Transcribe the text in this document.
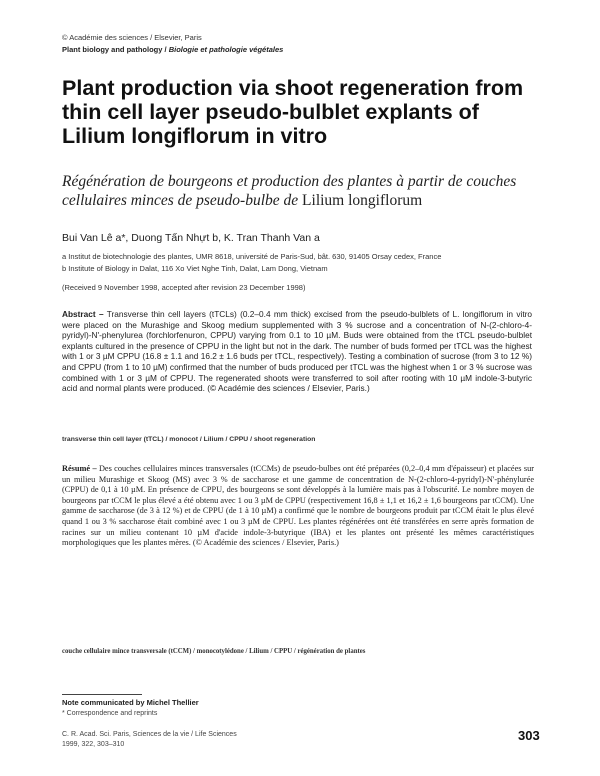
© Académie des sciences / Elsevier, Paris
Plant biology and pathology / Biologie et pathologie végétales
Plant production via shoot regeneration from thin cell layer pseudo-bulblet explants of Lilium longiflorum in vitro
Régénération de bourgeons et production des plantes à partir de couches cellulaires minces de pseudo-bulbe de Lilium longiflorum
Bui Van Lê a*, Duong Tấn Nhựt b, K. Tran Thanh Van a
a Institut de biotechnologie des plantes, UMR 8618, université de Paris-Sud, bât. 630, 91405 Orsay cedex, France
b Institute of Biology in Dalat, 116 Xo Viet Nghe Tinh, Dalat, Lam Dong, Vietnam
(Received 9 November 1998, accepted after revision 23 December 1998)
Abstract – Transverse thin cell layers (tTCLs) (0.2–0.4 mm thick) excised from the pseudo-bulblets of L. longiflorum in vitro were placed on the Murashige and Skoog medium supplemented with 3 % sucrose and a concentration of N-(2-chloro-4-pyridyl)-N'-phenylurea (forchlorfenuron, CPPU) varying from 0.1 to 10 µM. Buds were obtained from the tTCL pseudo-bulblet explants cultured in the presence of CPPU in the light but not in the dark. The number of buds formed per tTCL was the highest with 1 or 3 µM CPPU (16.8 ± 1.1 and 16.2 ± 1.6 buds per tTCL, respectively). Testing a combination of sucrose (from 3 to 12 %) and CPPU (from 1 to 10 µM) confirmed that the number of buds produced per tTCL was the highest when 1 or 3 % sucrose was combined with 1 or 3 µM of CPPU. The regenerated shoots were transferred to soil after rooting with 10 µM indole-3-butyric acid and normal plants were produced. (© Académie des sciences / Elsevier, Paris.)
transverse thin cell layer (tTCL) / monocot / Lilium / CPPU / shoot regeneration
Résumé – Des couches cellulaires minces transversales (tCCMs) de pseudo-bulbes ont été préparées (0,2–0,4 mm d'épaisseur) et placées sur un milieu Murashige et Skoog (MS) avec 3 % de saccharose et une gamme de concentration de N-(2-chloro-4-pyridyl)-N'-phénylurée (CPPU) de 0,1 à 10 µM. En présence de CPPU, des bourgeons se sont développés à la lumière mais pas à l'obscurité. Le nombre moyen de bourgeons par tCCM le plus élevé a été obtenu avec 1 ou 3 µM de CPPU (respectivement 16,8 ± 1,1 et 16,2 ± 1,6 bourgeons par tCCM). Une gamme de saccharose (de 3 à 12 %) et de CPPU (de 1 à 10 µM) a confirmé que le nombre de bourgeons produit par tCCM était le plus élevé quand 1 ou 3 % saccharose était combiné avec 1 ou 3 µM de CPPU. Les plantes régénérées ont été transférées en serre après formation de racines sur un milieu contenant 10 µM d'acide indole-3-butyrique (IBA) et les plantes ont présenté les mêmes caractéristiques morphologiques que les plantes mères. (© Académie des sciences / Elsevier, Paris.)
couche cellulaire mince transversale (tCCM) / monocotylédone / Lilium / CPPU / régénération de plantes
Note communicated by Michel Thellier
* Correspondence and reprints
C. R. Acad. Sci. Paris, Sciences de la vie / Life Sciences
1999, 322, 303–310
303
